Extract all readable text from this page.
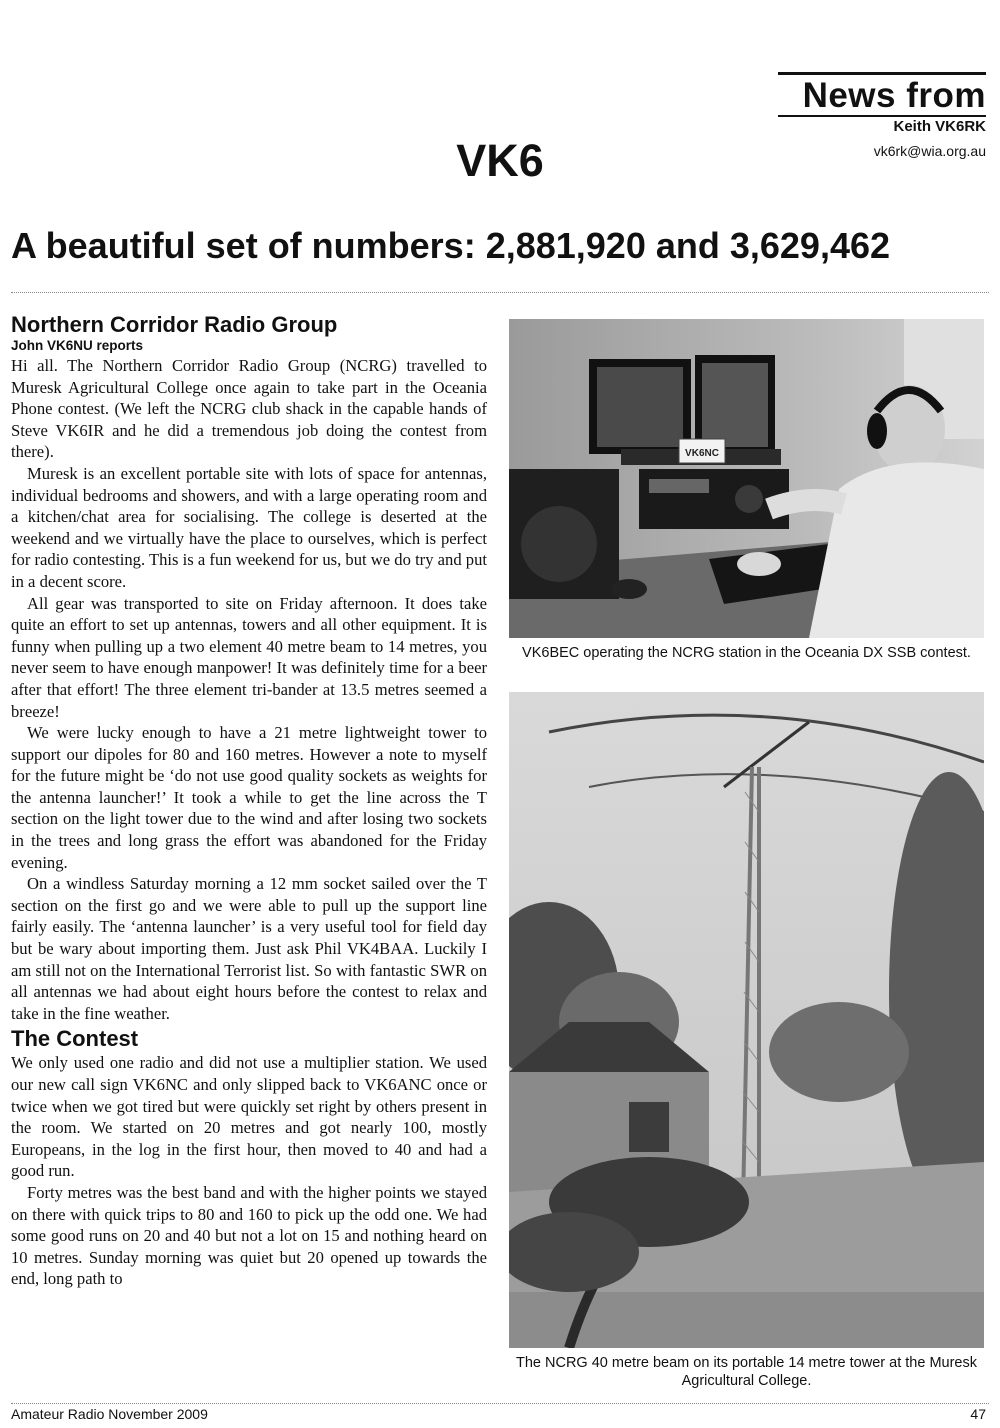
News from
Keith VK6RK
vk6rk@wia.org.au
VK6
A beautiful set of numbers: 2,881,920 and 3,629,462
Northern Corridor Radio Group
John VK6NU reports

Hi all. The Northern Corridor Radio Group (NCRG) travelled to Muresk Agricultural College once again to take part in the Oceania Phone contest. (We left the NCRG club shack in the capable hands of Steve VK6IR and he did a tremendous job doing the contest from there).

Muresk is an excellent portable site with lots of space for antennas, individual bedrooms and showers, and with a large operating room and a kitchen/chat area for socialising. The college is deserted at the weekend and we virtually have the place to ourselves, which is perfect for radio contesting. This is a fun weekend for us, but we do try and put in a decent score.

All gear was transported to site on Friday afternoon. It does take quite an effort to set up antennas, towers and all other equipment. It is funny when pulling up a two element 40 metre beam to 14 metres, you never seem to have enough manpower! It was definitely time for a beer after that effort! The three element tri-bander at 13.5 metres seemed a breeze!

We were lucky enough to have a 21 metre lightweight tower to support our dipoles for 80 and 160 metres. However a note to myself for the future might be ‘do not use good quality sockets as weights for the antenna launcher!’ It took a while to get the line across the T section on the light tower due to the wind and after losing two sockets in the trees and long grass the effort was abandoned for the Friday evening.

On a windless Saturday morning a 12 mm socket sailed over the T section on the first go and we were able to pull up the support line fairly easily. The ‘antenna launcher’ is a very useful tool for field day but be wary about importing them. Just ask Phil VK4BAA. Luckily I am still not on the International Terrorist list. So with fantastic SWR on all antennas we had about eight hours before the contest to relax and take in the fine weather.

The Contest

We only used one radio and did not use a multiplier station. We used our new call sign VK6NC and only slipped back to VK6ANC once or twice when we got tired but were quickly set right by others present in the room. We started on 20 metres and got nearly 100, mostly Europeans, in the log in the first hour, then moved to 40 and had a good run.

Forty metres was the best band and with the higher points we stayed on there with quick trips to 80 and 160 to pick up the odd one. We had some good runs on 20 and 40 but not a lot on 15 and nothing heard on 10 metres. Sunday morning was quiet but 20 opened up towards the end, long path to

VK6NC
VK6BEC operating the NCRG station in the Oceania DX SSB contest.
The NCRG 40 metre beam on its portable 14 metre tower at the Muresk Agricultural College.
Amateur Radio November 2009	47
